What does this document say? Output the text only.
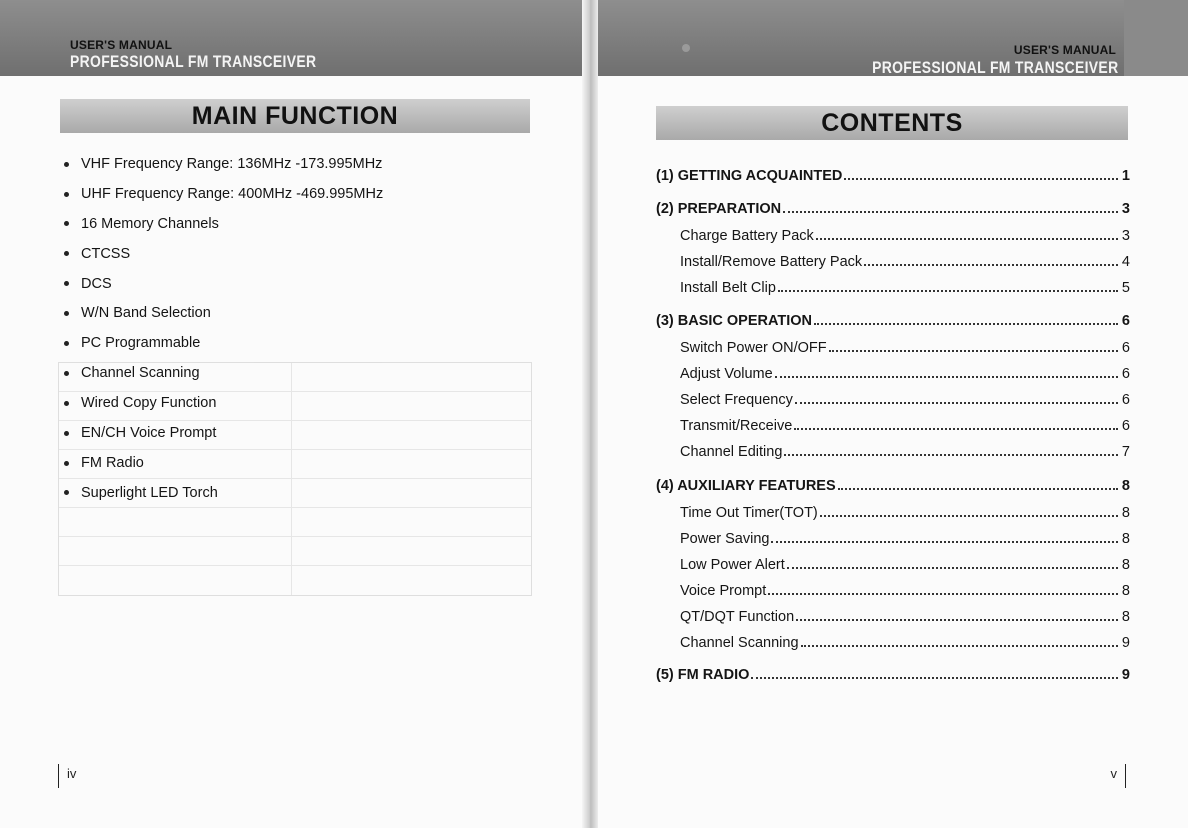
USER'S MANUAL
PROFESSIONAL FM TRANSCEIVER
MAIN FUNCTION
VHF Frequency Range: 136MHz -173.995MHz
UHF Frequency Range: 400MHz -469.995MHz
16 Memory Channels
CTCSS
DCS
W/N Band Selection
PC Programmable
Channel Scanning
Wired Copy Function
EN/CH Voice Prompt
FM Radio
Superlight LED Torch
iv
USER'S MANUAL
PROFESSIONAL FM TRANSCEIVER
CONTENTS
(1) GETTING ACQUAINTED	1
(2) PREPARATION	3
Charge Battery Pack	3
Install/Remove Battery Pack	4
Install Belt Clip	5
(3) BASIC OPERATION	6
Switch Power ON/OFF	6
Adjust Volume	6
Select Frequency	6
Transmit/Receive	6
Channel Editing	7
(4) AUXILIARY FEATURES	8
Time Out Timer(TOT)	8
Power Saving	8
Low Power Alert	8
Voice Prompt	8
QT/DQT Function	8
Channel Scanning	9
(5) FM RADIO	9
v
